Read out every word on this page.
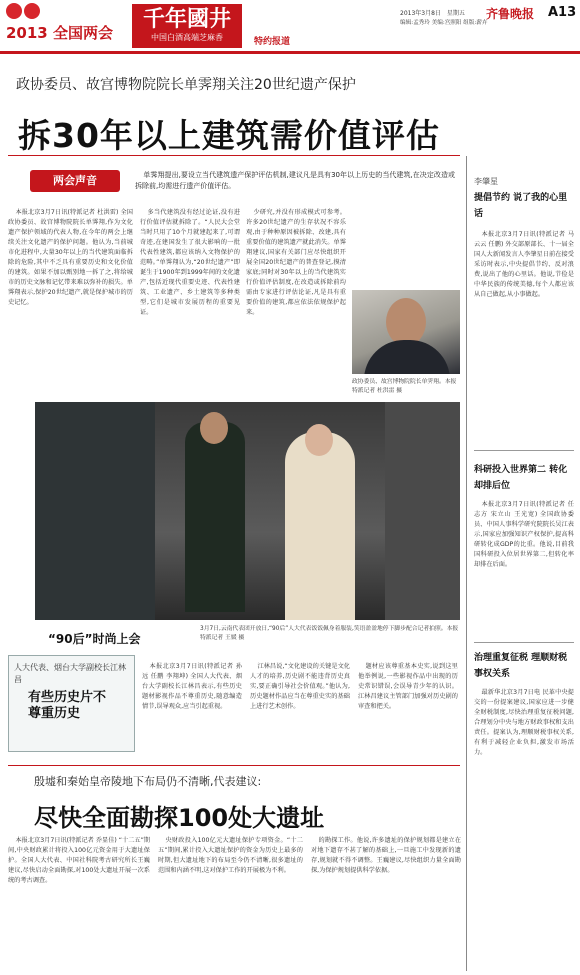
2013 全国两会
千年國井
中国白酒高端芝麻香	特约报道
2013年3月8日 星期五
编辑:孟秀玲 美编:宫照阳 组版:薪卉
齐鲁晚报 A13
政协委员、故宫博物院院长单霁翔关注20世纪遗产保护
拆30年以上建筑需价值评估
两会声音	单霁翔提出,要设立当代建筑遗产保护评估机制,建议凡是具有30年以上历史的当代建筑,在决定改造或拆除前,均需进行遗产价值评估。

本报北京3月7日讯(特派记者 杜洪雷) 全国政协委员、故宫博物院院长单霁翔,作为文化遗产保护领域的代表人物,在今年的两会上继续关注文化遗产的保护问题。他认为,当前城市化进程中,大量30年以上的当代建筑面临拆除的危险,其中不乏具有重要历史和文化价值的建筑。如果不加以甄别地一拆了之,将给城市的历史文脉和记忆带来难以弥补的损失。单霁翔表示,保护20世纪遗产,就是保护城市的历史记忆。

多当代建筑没有经过论证,没有进行价值评估就拆除了。“人民大会堂当时只用了10个月就建起来了,可谓奇迹,在建国发生了很大影响的一批代表性建筑,都应该纳入文物保护的范畴。”单霁翔认为,“20世纪遗产”即诞生于1900年到1999年间的文化遗产,包括近现代重要史迹、代表性建筑、工业遗产、乡土建筑等多种类型,它们是城市发展历程的重要见证。

少研究,并没有形成模式可参考。许多20世纪遗产的生存状况不容乐观,由于种种原因被拆除、改建,具有重要价值的建筑遗产就此消失。单霁翔建议,国家有关部门应尽快组织开展全国20世纪遗产的普查登记,摸清家底;同时对30年以上的当代建筑实行价值评估制度,在改造或拆除前均需由专家进行评估论证,凡是具有重要价值的建筑,都应依法依规保护起来。

政协委员、故宫博物院院长单霁翔。本报特派记者 杜洪雷 摄
“90后”时尚上会
3月7日,云南代表团开放日,“90后”人大代表饭饭佩身着服装,笑语盈盈地停下脚步配合记者拍照。本报特派记者 王媛 摄
人大代表、烟台大学副校长江林昌
有些历史片不尊重历史

本报北京3月7日讯(特派记者 孙远 任鹏 李翔坤) 全国人大代表、烟台大学副校长江林昌表示,有些历史题材影视作品不尊重历史,随意编造情节,误导观众,应当引起重视。

江林昌说,“文化建设的关键是文化人才的培养,历史剧不能违背历史真实,要正确引导社会价值观。”他认为,历史题材作品应当在尊重史实的基础上进行艺术创作。

题材应该尊重基本史实,说到这里他举例说,一些影视作品中出现的历史常识错误,会误导青少年的认识。江林昌建议主管部门加强对历史剧的审查和把关。

殷墟和秦始皇帝陵地下布局仍不清晰,代表建议:
尽快全面勘探100处大遗址

本报北京3月7日讯(特派记者 乔显佳) “十二五”期间,中央财政累计将投入100亿元资金用于大遗址保护。全国人大代表、中国社科院考古研究所长王巍建议,尽快启动全面勘探,对100处大遗址开展一次系统的考古调查。

央财政投入100亿元大遗址保护专项资金。“十二五”期间,累计投入大遗址保护的资金为历史上最多的时期,但大遗址地下的布局至今仍不清晰,很多遗址的范围和内涵不明,这对保护工作的开展极为不利。

的勘探工作。他说,许多遗址的保护规划都是建立在对地下遗存不甚了解的基础上,一旦施工中发现新的遗存,规划就不得不调整。王巍建议,尽快组织力量全面勘探,为保护规划提供科学依据。

李肇星
提倡节约 说了我的心里话

本报北京3月7日讯(特派记者 马云云 任鹏) 外交部原部长、十一届全国人大新闻发言人李肇星日前在接受采访时表示,中央提倡节约、反对浪费,说出了他的心里话。他说,节俭是中华民族的传统美德,每个人都应该从自己做起,从小事做起。

科研投入世界第二 转化却排后位

本报北京3月7日讯(特派记者 任志方 宋立山 王光宽) 全国政协委员、中国人事科学研究院院长吴江表示,国家应加强知识产权保护,提高科研转化成GDP的比重。他说,目前我国科研投入位居世界第二,但转化率却排在后面。

治理重复征税 理顺财税事权关系

最新华北京3月7日电 民革中央提交的一份提案建议,国家应进一步健全财税制度,尽快治理重复征税问题,合理划分中央与地方财政事权和支出责任。提案认为,理顺财税事权关系,有利于减轻企业负担,激发市场活力。
